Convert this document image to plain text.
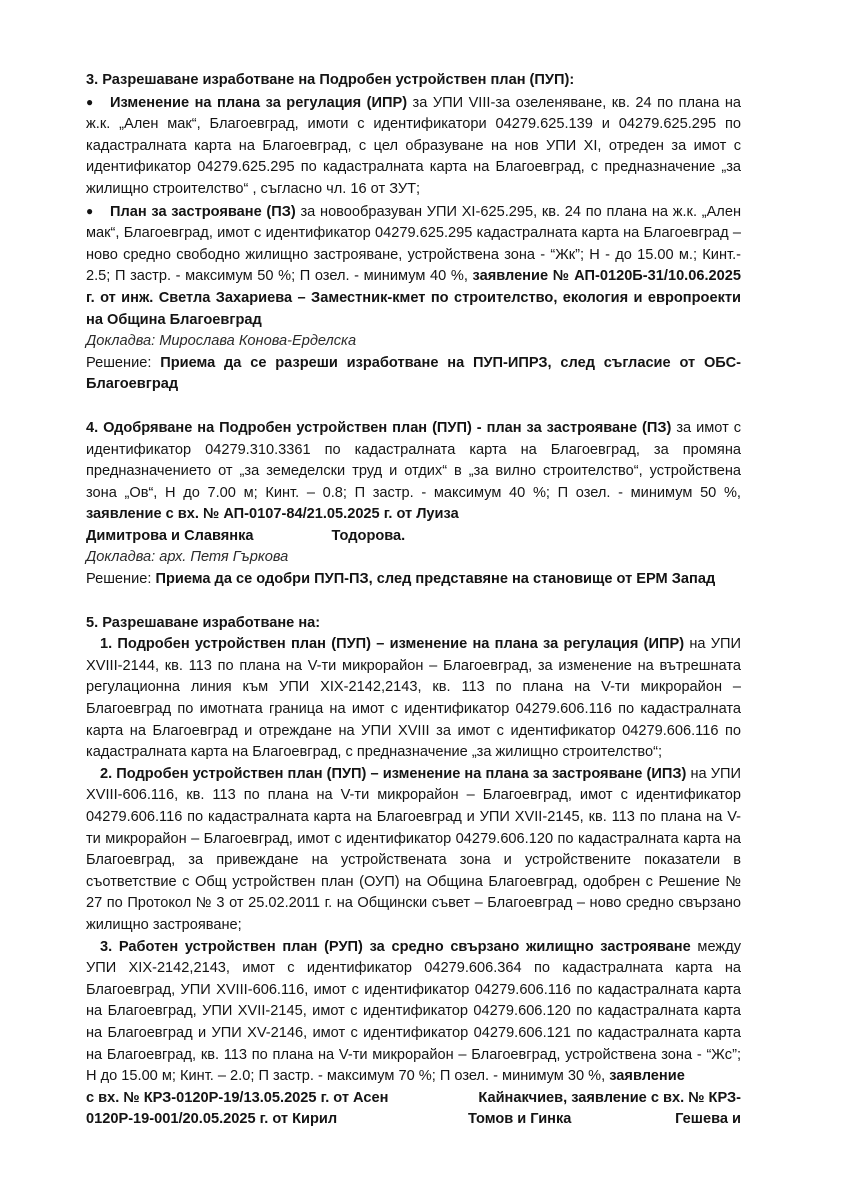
3. Разрешаване изработване на Подробен устройствен план (ПУП):

● Изменение на плана за регулация (ИПР) за УПИ VIII-за озеленяване, кв. 24 по плана на ж.к. „Ален мак“, Благоевград, имоти с идентификатори 04279.625.139 и 04279.625.295 по кадастралната карта на Благоевград, с цел образуване на нов УПИ XI, отреден за имот с идентификатор 04279.625.295 по кадастралната карта на Благоевград, с предназначение „за жилищно строителство“ , съгласно чл. 16 от ЗУТ;

● План за застрояване (ПЗ) за новообразуван УПИ XI-625.295, кв. 24 по плана на ж.к. „Ален мак“, Благоевград, имот с идентификатор 04279.625.295 кадастралната карта на Благоевград – ново средно свободно жилищно застрояване, устройствена зона - “Жк”; Н - до 15.00 м.; Кинт.- 2.5; П застр. - максимум 50 %; П озел. - минимум 40 %, заявление № АП-0120Б-31/10.06.2025 г. от инж. Светла Захариева – Заместник-кмет по строителство, екология и европроекти на Община Благоевград

Докладва: Мирослава Конова-Ерделска

Решение: Приема да се разреши изработване на ПУП-ИПРЗ, след съгласие от ОБС-Благоевград

4. Одобряване на Подробен устройствен план (ПУП) - план за застрояване (ПЗ) за имот с идентификатор 04279.310.3361 по кадастралната карта на Благоевград, за промяна предназначението от „за земеделски труд и отдих“ в „за вилно строителство“, устройствена зона „Ов“, Н до 7.00 м; Кинт. – 0.8; П застр. - максимум 40 %; П озел. - минимум 50 %, заявление с вх. № АП-0107-84/21.05.2025 г. от Луиза

Димитрова и Славянка	Тодорова.

Докладва: арх. Петя Гъркова

Решение: Приема да се одобри ПУП-ПЗ, след представяне на становище от ЕРМ Запад

5. Разрешаване изработване на:

1. Подробен устройствен план (ПУП) – изменение на плана за регулация (ИПР) на УПИ XVIII-2144, кв. 113 по плана на V-ти микрорайон – Благоевград, за изменение на вътрешната регулационна линия към УПИ XIX-2142,2143, кв. 113 по плана на V-ти микрорайон – Благоевград по имотната граница на имот с идентификатор 04279.606.116 по кадастралната карта на Благоевград и отреждане на УПИ XVIII за имот с идентификатор 04279.606.116 по кадастралната карта на Благоевград, с предназначение „за жилищно строителство“;

2. Подробен устройствен план (ПУП) – изменение на плана за застрояване (ИПЗ) на УПИ XVIII-606.116, кв. 113 по плана на V-ти микрорайон – Благоевград, имот с идентификатор 04279.606.116 по кадастралната карта на Благоевград и УПИ XVII-2145, кв. 113 по плана на V-ти микрорайон – Благоевград, имот с идентификатор 04279.606.120 по кадастралната карта на Благоевград, за привеждане на устройствената зона и устройствените показатели в съответствие с Общ устройствен план (ОУП) на Община Благоевград, одобрен с Решение № 27 по Протокол № 3 от 25.02.2011 г. на Общински съвет – Благоевград – ново средно свързано жилищно застрояване;

3. Работен устройствен план (РУП) за средно свързано жилищно застрояване между УПИ XIX-2142,2143, имот с идентификатор 04279.606.364 по кадастралната карта на Благоевград, УПИ XVIII-606.116, имот с идентификатор 04279.606.116 по кадастралната карта на Благоевград, УПИ XVII-2145, имот с идентификатор 04279.606.120 по кадастралната карта на Благоевград и УПИ XV-2146, имот с идентификатор 04279.606.121 по кадастралната карта на Благоевград, кв. 113 по плана на V-ти микрорайон – Благоевград, устройствена зона - “Жс”; Н до 15.00 м; Кинт. – 2.0; П застр. - максимум 70 %; П озел. - минимум 30 %, заявление

с вх. № КРЗ-0120Р-19/13.05.2025 г. от Асен	Кайнакчиев, заявление с вх. № КРЗ-

0120Р-19-001/20.05.2025 г. от Кирил	Томов и Гинка	Гешева и
